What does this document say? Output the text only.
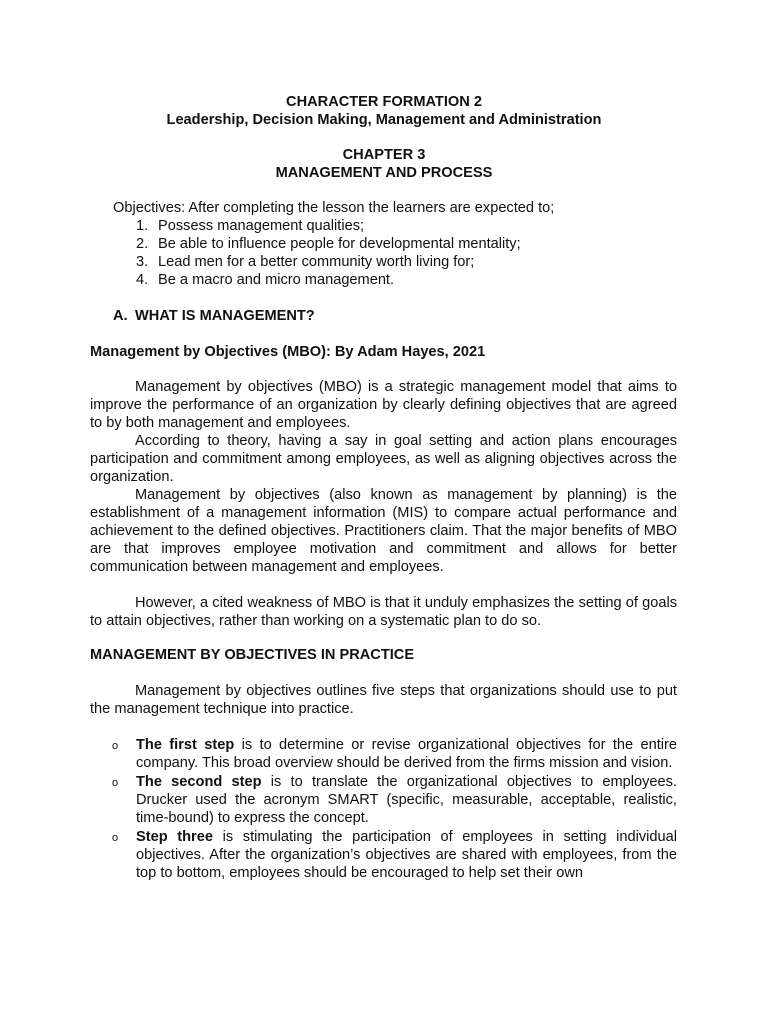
CHARACTER FORMATION 2
Leadership, Decision Making, Management and Administration
CHAPTER 3
MANAGEMENT AND PROCESS
Objectives: After completing the lesson the learners are expected to;
1. Possess management qualities;
2. Be able to influence people for developmental mentality;
3. Lead men for a better community worth living for;
4. Be a macro and micro management.
A. WHAT IS MANAGEMENT?
Management by Objectives (MBO): By Adam Hayes, 2021

Management by objectives (MBO) is a strategic management model that aims to improve the performance of an organization by clearly defining objectives that are agreed to by both management and employees.

According to theory, having a say in goal setting and action plans encourages participation and commitment among employees, as well as aligning objectives across the organization.

Management by objectives (also known as management by planning) is the establishment of a management information (MIS) to compare actual performance and achievement to the defined objectives. Practitioners claim. That the major benefits of MBO are that improves employee motivation and commitment and allows for better communication between management and employees.

However, a cited weakness of MBO is that it unduly emphasizes the setting of goals to attain objectives, rather than working on a systematic plan to do so.

MANAGEMENT BY OBJECTIVES IN PRACTICE

Management by objectives outlines five steps that organizations should use to put the management technique into practice.

o The first step is to determine or revise organizational objectives for the entire company. This broad overview should be derived from the firms mission and vision.
o The second step is to translate the organizational objectives to employees. Drucker used the acronym SMART (specific, measurable, acceptable, realistic, time-bound) to express the concept.
o Step three is stimulating the participation of employees in setting individual objectives. After the organization’s objectives are shared with employees, from the top to bottom, employees should be encouraged to help set their own
